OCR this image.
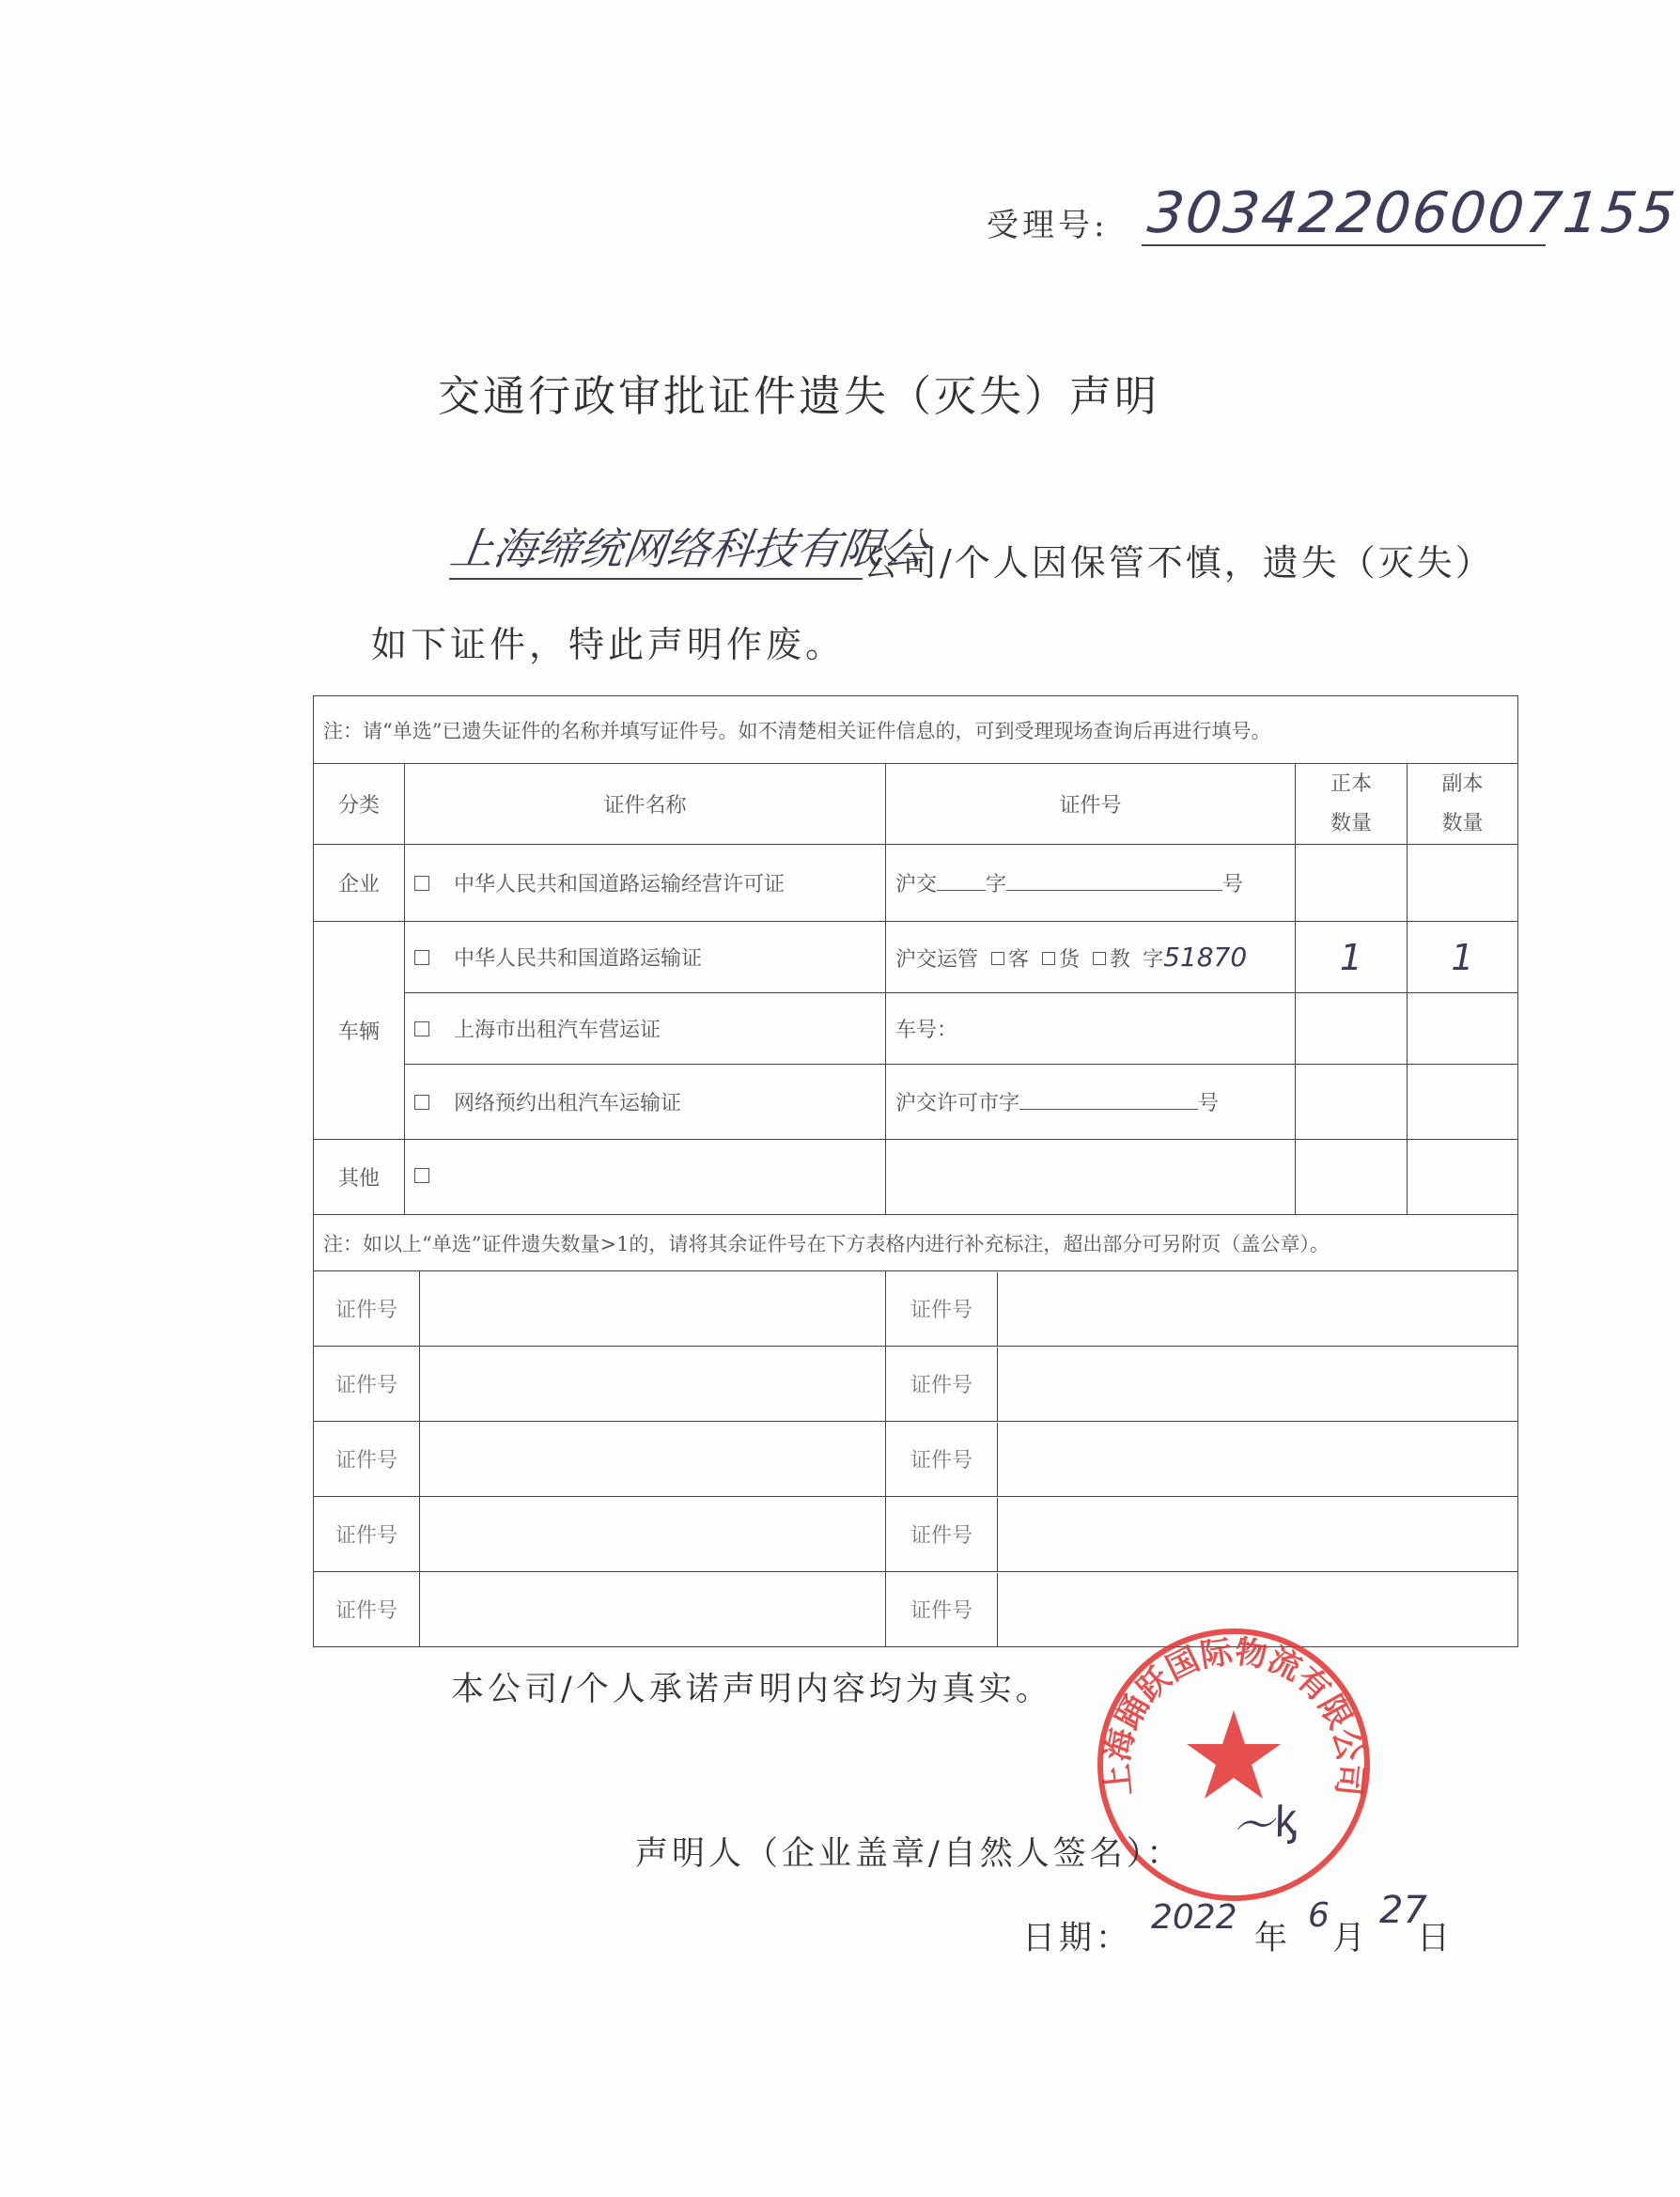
受理号: 30342206007155
交通行政审批证件遗失（灭失）声明
上海缔统网络科技有限公
公司/个人因保管不慎，遗失（灭失）
如下证件，特此声明作废。
注：请“单选”已遗失证件的名称并填写证件号。如不清楚相关证件信息的，可到受理现场查询后再进行填号。					
分类	证件名称		证件号	正本数量	副本数量
企业	中华人民共和国道路运输经营许可证		沪交 字 号		
车辆	中华人民共和国道路运输证		沪交运管 客 货 教 字51870	1	1
	上海市出租汽车营运证		车号：		
	网络预约出租汽车运输证		沪交许可市字 号		
其他					
注：如以上“单选”证件遗失数量>1的，请将其余证件号在下方表格内进行补充标注，超出部分可另附页（盖公章）。					
证件号			证件号		

证件号			证件号		

证件号			证件号		

证件号			证件号		

证件号			证件号		
本公司/个人承诺声明内容均为真实。
上海踊跃国际物流有限公司
声明人（企业盖章/自然人签名）： ～ᶄ
日期：
2022
年
6
月
27
日
